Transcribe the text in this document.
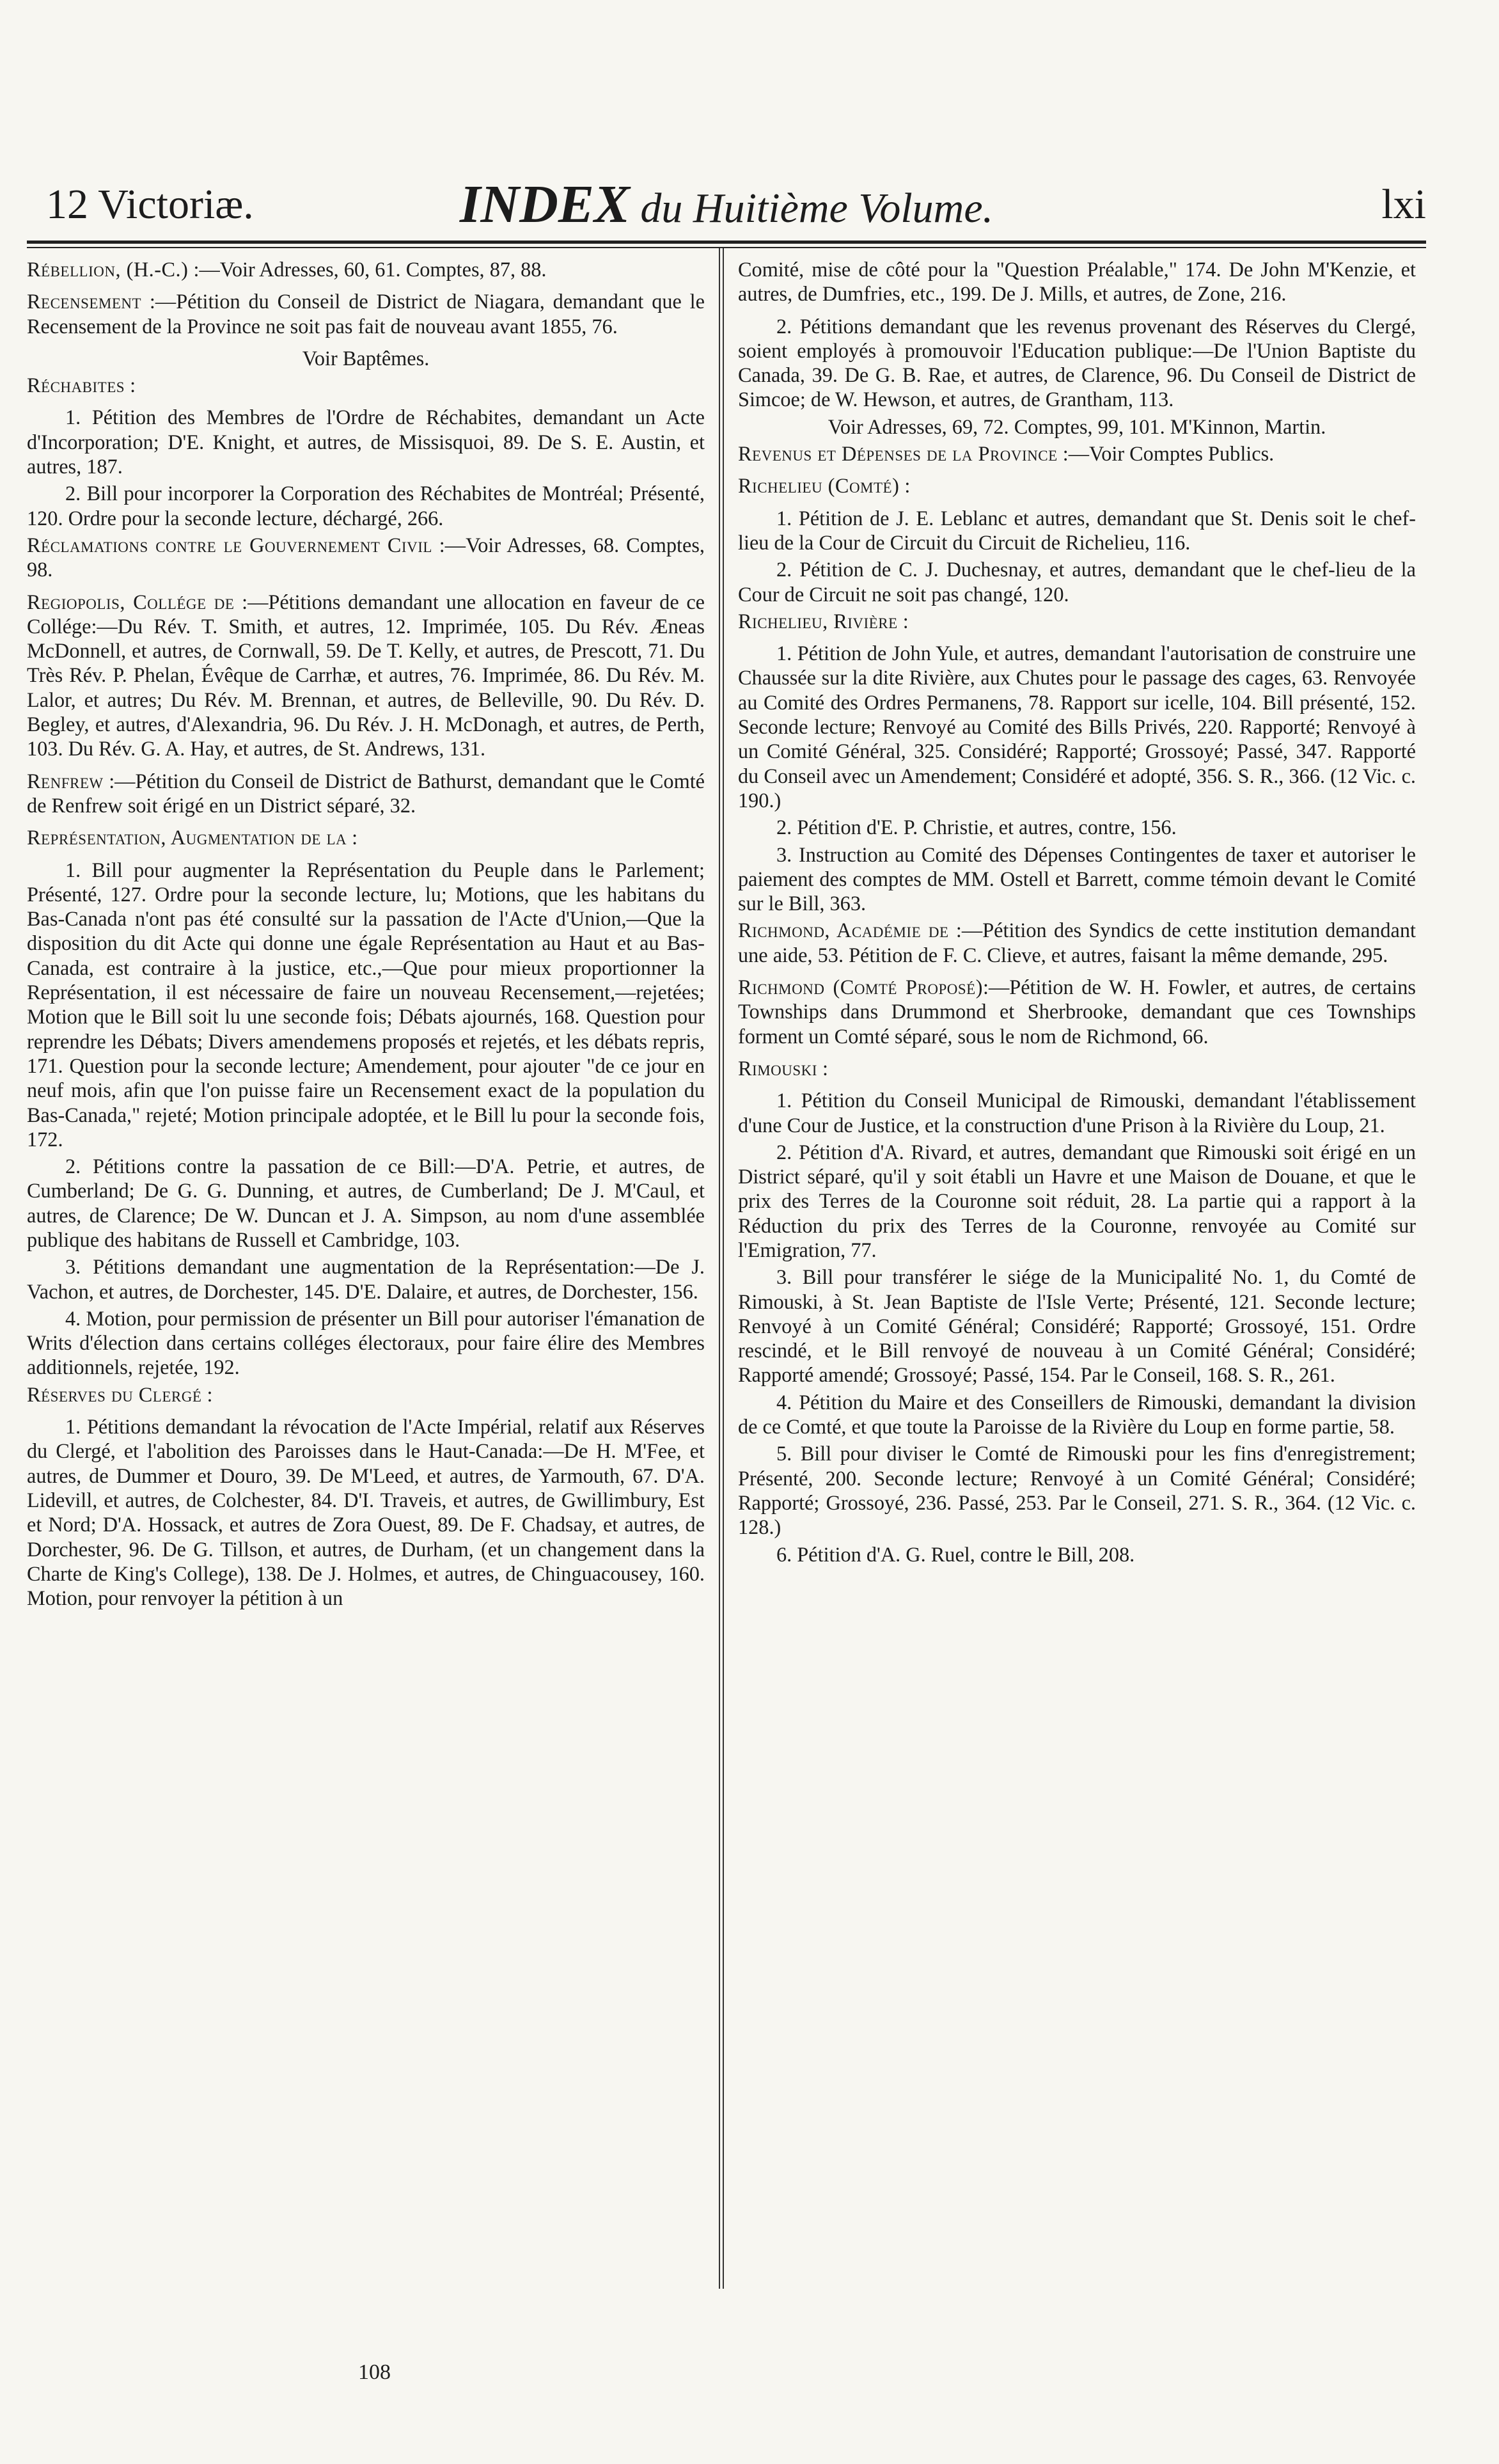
12 Victoriæ.	INDEX du Huitième Volume.	lxi

Rébellion, (H.-C.) :—Voir Adresses, 60, 61. Comptes, 87, 88.

Recensement :—Pétition du Conseil de District de Niagara, demandant que le Recensement de la Province ne soit pas fait de nouveau avant 1855, 76.

Voir Baptêmes.

Réchabites :

1. Pétition des Membres de l'Ordre de Réchabites, demandant un Acte d'Incorporation; D'E. Knight, et autres, de Missisquoi, 89. De S. E. Austin, et autres, 187.

2. Bill pour incorporer la Corporation des Réchabites de Montréal; Présenté, 120. Ordre pour la seconde lecture, déchargé, 266.

Réclamations contre le Gouvernement Civil :—Voir Adresses, 68. Comptes, 98.

Regiopolis, Collége de :—Pétitions demandant une allocation en faveur de ce Collége:—Du Rév. T. Smith, et autres, 12. Imprimée, 105. Du Rév. Æneas McDonnell, et autres, de Cornwall, 59. De T. Kelly, et autres, de Prescott, 71. Du Très Rév. P. Phelan, Évêque de Carrhæ, et autres, 76. Imprimée, 86. Du Rév. M. Lalor, et autres; Du Rév. M. Brennan, et autres, de Belleville, 90. Du Rév. D. Begley, et autres, d'Alexandria, 96. Du Rév. J. H. McDonagh, et autres, de Perth, 103. Du Rév. G. A. Hay, et autres, de St. Andrews, 131.

Renfrew :—Pétition du Conseil de District de Bathurst, demandant que le Comté de Renfrew soit érigé en un District séparé, 32.

Représentation, Augmentation de la :

1. Bill pour augmenter la Représentation du Peuple dans le Parlement; Présenté, 127. Ordre pour la seconde lecture, lu; Motions, que les habitans du Bas-Canada n'ont pas été consulté sur la passation de l'Acte d'Union,—Que la disposition du dit Acte qui donne une égale Représentation au Haut et au Bas-Canada, est contraire à la justice, etc.,—Que pour mieux proportionner la Représentation, il est nécessaire de faire un nouveau Recensement,—rejetées; Motion que le Bill soit lu une seconde fois; Débats ajournés, 168. Question pour reprendre les Débats; Divers amendemens proposés et rejetés, et les débats repris, 171. Question pour la seconde lecture; Amendement, pour ajouter "de ce jour en neuf mois, afin que l'on puisse faire un Recensement exact de la population du Bas-Canada," rejeté; Motion principale adoptée, et le Bill lu pour la seconde fois, 172.

2. Pétitions contre la passation de ce Bill:—D'A. Petrie, et autres, de Cumberland; De G. G. Dunning, et autres, de Cumberland; De J. M'Caul, et autres, de Clarence; De W. Duncan et J. A. Simpson, au nom d'une assemblée publique des habitans de Russell et Cambridge, 103.

3. Pétitions demandant une augmentation de la Représentation:—De J. Vachon, et autres, de Dorchester, 145. D'E. Dalaire, et autres, de Dorchester, 156.

4. Motion, pour permission de présenter un Bill pour autoriser l'émanation de Writs d'élection dans certains colléges électoraux, pour faire élire des Membres additionnels, rejetée, 192.

Réserves du Clergé :

1. Pétitions demandant la révocation de l'Acte Impérial, relatif aux Réserves du Clergé, et l'abolition des Paroisses dans le Haut-Canada:—De H. M'Fee, et autres, de Dummer et Douro, 39. De M'Leed, et autres, de Yarmouth, 67. D'A. Lidevill, et autres, de Colchester, 84. D'I. Traveis, et autres, de Gwillimbury, Est et Nord; D'A. Hossack, et autres de Zora Ouest, 89. De F. Chadsay, et autres, de Dorchester, 96. De G. Tillson, et autres, de Durham, (et un changement dans la Charte de King's College), 138. De J. Holmes, et autres, de Chinguacousey, 160. Motion, pour renvoyer la pétition à un

Comité, mise de côté pour la "Question Préalable," 174. De John M'Kenzie, et autres, de Dumfries, etc., 199. De J. Mills, et autres, de Zone, 216.

2. Pétitions demandant que les revenus provenant des Réserves du Clergé, soient employés à promouvoir l'Education publique:—De l'Union Baptiste du Canada, 39. De G. B. Rae, et autres, de Clarence, 96. Du Conseil de District de Simcoe; de W. Hewson, et autres, de Grantham, 113.

Voir Adresses, 69, 72. Comptes, 99, 101. M'Kinnon, Martin.

Revenus et Dépenses de la Province :—Voir Comptes Publics.

Richelieu (Comté) :

1. Pétition de J. E. Leblanc et autres, demandant que St. Denis soit le chef-lieu de la Cour de Circuit du Circuit de Richelieu, 116.

2. Pétition de C. J. Duchesnay, et autres, demandant que le chef-lieu de la Cour de Circuit ne soit pas changé, 120.

Richelieu, Rivière :

1. Pétition de John Yule, et autres, demandant l'autorisation de construire une Chaussée sur la dite Rivière, aux Chutes pour le passage des cages, 63. Renvoyée au Comité des Ordres Permanens, 78. Rapport sur icelle, 104. Bill présenté, 152. Seconde lecture; Renvoyé au Comité des Bills Privés, 220. Rapporté; Renvoyé à un Comité Général, 325. Considéré; Rapporté; Grossoyé; Passé, 347. Rapporté du Conseil avec un Amendement; Considéré et adopté, 356. S. R., 366. (12 Vic. c. 190.)

2. Pétition d'E. P. Christie, et autres, contre, 156.

3. Instruction au Comité des Dépenses Contingentes de taxer et autoriser le paiement des comptes de MM. Ostell et Barrett, comme témoin devant le Comité sur le Bill, 363.

Richmond, Académie de :—Pétition des Syndics de cette institution demandant une aide, 53. Pétition de F. C. Clieve, et autres, faisant la même demande, 295.

Richmond (Comté Proposé):—Pétition de W. H. Fowler, et autres, de certains Townships dans Drummond et Sherbrooke, demandant que ces Townships forment un Comté séparé, sous le nom de Richmond, 66.

Rimouski :

1. Pétition du Conseil Municipal de Rimouski, demandant l'établissement d'une Cour de Justice, et la construction d'une Prison à la Rivière du Loup, 21.

2. Pétition d'A. Rivard, et autres, demandant que Rimouski soit érigé en un District séparé, qu'il y soit établi un Havre et une Maison de Douane, et que le prix des Terres de la Couronne soit réduit, 28. La partie qui a rapport à la Réduction du prix des Terres de la Couronne, renvoyée au Comité sur l'Emigration, 77.

3. Bill pour transférer le siége de la Municipalité No. 1, du Comté de Rimouski, à St. Jean Baptiste de l'Isle Verte; Présenté, 121. Seconde lecture; Renvoyé à un Comité Général; Considéré; Rapporté; Grossoyé, 151. Ordre rescindé, et le Bill renvoyé de nouveau à un Comité Général; Considéré; Rapporté amendé; Grossoyé; Passé, 154. Par le Conseil, 168. S. R., 261.

4. Pétition du Maire et des Conseillers de Rimouski, demandant la division de ce Comté, et que toute la Paroisse de la Rivière du Loup en forme partie, 58.

5. Bill pour diviser le Comté de Rimouski pour les fins d'enregistrement; Présenté, 200. Seconde lecture; Renvoyé à un Comité Général; Considéré; Rapporté; Grossoyé, 236. Passé, 253. Par le Conseil, 271. S. R., 364. (12 Vic. c. 128.)

6. Pétition d'A. G. Ruel, contre le Bill, 208.

108
